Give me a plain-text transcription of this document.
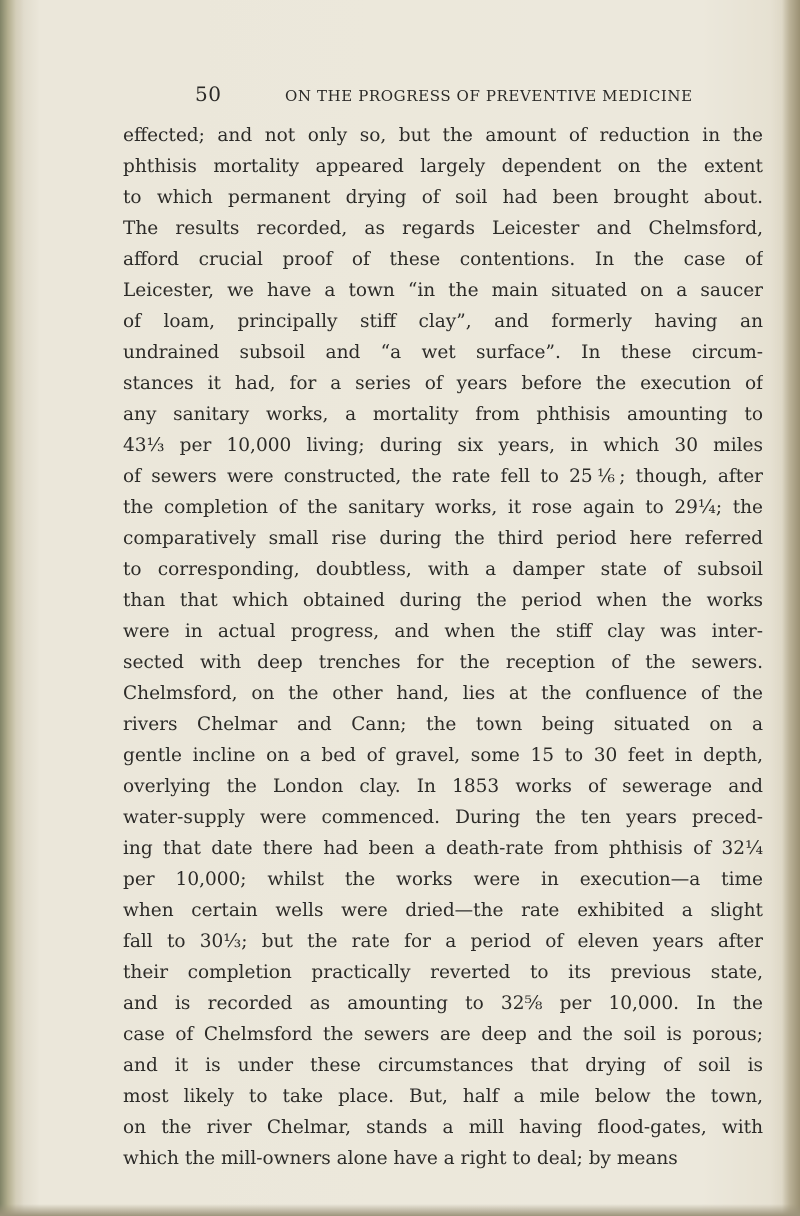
50	ON THE PROGRESS OF PREVENTIVE MEDICINE
effected; and not only so, but the amount of reduction in the
phthisis mortality appeared largely dependent on the extent
to which permanent drying of soil had been brought about.
The results recorded, as regards Leicester and Chelmsford,
afford crucial proof of these contentions. In the case of
Leicester, we have a town “in the main situated on a saucer
of loam, principally stiff clay”, and formerly having an
undrained subsoil and “a wet surface”. In these circum-
stances it had, for a series of years before the execution of
any sanitary works, a mortality from phthisis amounting to
43⅓ per 10,000 living; during six years, in which 30 miles
of sewers were constructed, the rate fell to 25⅙; though, after
the completion of the sanitary works, it rose again to 29¼; the
comparatively small rise during the third period here referred
to corresponding, doubtless, with a damper state of subsoil
than that which obtained during the period when the works
were in actual progress, and when the stiff clay was inter-
sected with deep trenches for the reception of the sewers.
Chelmsford, on the other hand, lies at the confluence of the
rivers Chelmar and Cann; the town being situated on a
gentle incline on a bed of gravel, some 15 to 30 feet in depth,
overlying the London clay. In 1853 works of sewerage and
water-supply were commenced. During the ten years preced-
ing that date there had been a death-rate from phthisis of 32¼
per 10,000; whilst the works were in execution—a time
when certain wells were dried—the rate exhibited a slight
fall to 30⅓; but the rate for a period of eleven years after
their completion practically reverted to its previous state,
and is recorded as amounting to 32⅝ per 10,000. In the
case of Chelmsford the sewers are deep and the soil is porous;
and it is under these circumstances that drying of soil is
most likely to take place. But, half a mile below the town,
on the river Chelmar, stands a mill having flood-gates, with
which the mill-owners alone have a right to deal; by means
